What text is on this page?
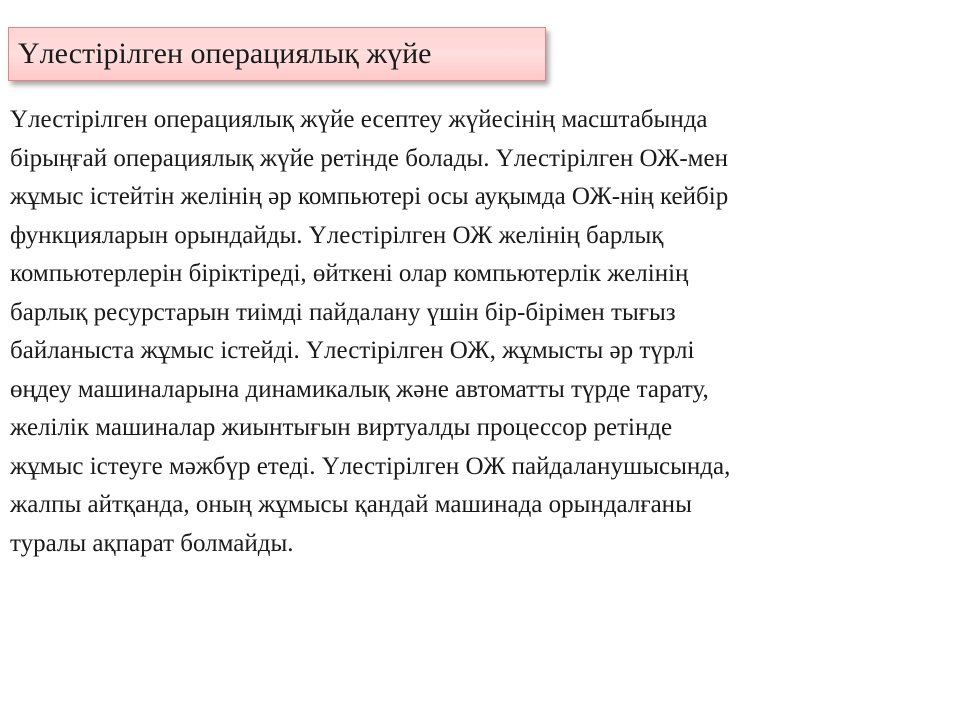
Үлестірілген операциялық жүйе
Үлестірілген операциялық жүйе есептеу жүйесінің масштабында
бірыңғай операциялық жүйе ретінде болады. Үлестірілген ОЖ-мен
жұмыс істейтін желінің әр компьютері осы ауқымда ОЖ-нің кейбір
функцияларын орындайды. Үлестірілген ОЖ желінің барлық
компьютерлерін біріктіреді, өйткені олар компьютерлік желінің
барлық ресурстарын тиімді пайдалану үшін бір-бірімен тығыз
байланыста жұмыс істейді. Үлестірілген ОЖ, жұмысты әр түрлі
өңдеу машиналарына динамикалық және автоматты түрде тарату,
желілік машиналар жиынтығын виртуалды процессор ретінде
жұмыс істеуге мәжбүр етеді. Үлестірілген ОЖ пайдаланушысында,
жалпы айтқанда, оның жұмысы қандай машинада орындалғаны
туралы ақпарат болмайды.
